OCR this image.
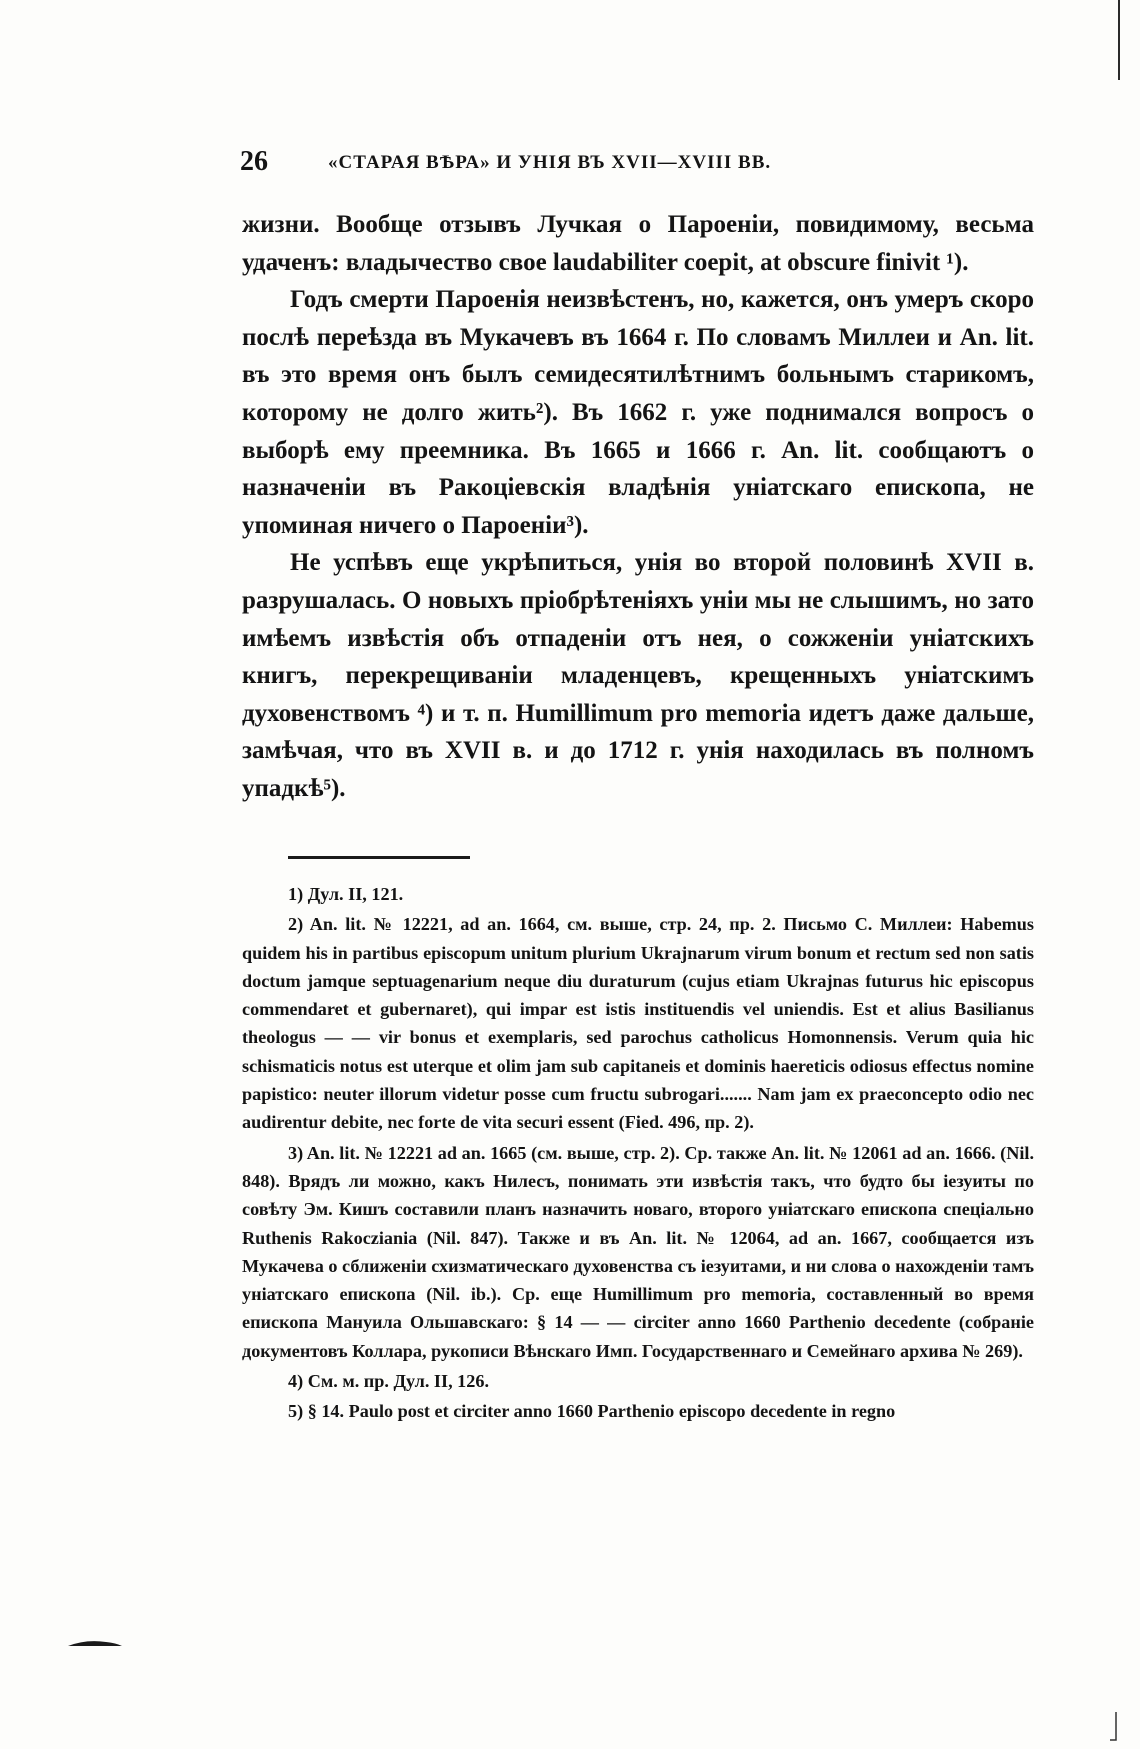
26	«СТАРАЯ ВѢРА» И УНІЯ ВЪ XVII—XVIII ВВ.

жизни. Вообще отзывъ Лучкая о Пароеніи, повидимому, весьма удаченъ: владычество свое laudabiliter coepit, at obscure finivit ¹).

Годъ смерти Пароенія неизвѣстенъ, но, кажется, онъ умеръ скоро послѣ переѣзда въ Мукачевъ въ 1664 г. По словамъ Миллеи и An. lit. въ это время онъ былъ семидесятилѣтнимъ больнымъ старикомъ, которому не долго жить²). Въ 1662 г. уже поднимался вопросъ о выборѣ ему преемника. Въ 1665 и 1666 г. An. lit. сообщаютъ о назначеніи въ Ракоціевскія владѣнія уніатскаго епископа, не упоминая ничего о Пароеніи³).

Не успѣвъ еще укрѣпиться, унія во второй половинѣ XVII в. разрушалась. О новыхъ пріобрѣтеніяхъ уніи мы не слышимъ, но зато имѣемъ извѣстія объ отпаденіи отъ нея, о сожженіи уніатскихъ книгъ, перекрещиваніи младенцевъ, крещенныхъ уніатскимъ духовенствомъ ⁴) и т. п. Humillimum pro memoria идетъ даже дальше, замѣчая, что въ XVII в. и до 1712 г. унія находилась въ полномъ упадкѣ⁵).

1) Дул. II, 121.

2) An. lit. № 12221, ad an. 1664, см. выше, стр. 24, пр. 2. Письмо С. Миллеи: Habemus quidem his in partibus episcopum unitum plurium Ukrajnarum virum bonum et rectum sed non satis doctum jamque septuagenarium neque diu duraturum (cujus etiam Ukrajnas futurus hic episcopus commendaret et gubernaret), qui impar est istis instituendis vel uniendis. Est et alius Basilianus theologus — — vir bonus et exemplaris, sed parochus catholicus Homonnensis. Verum quia hic schismaticis notus est uterque et olim jam sub capitaneis et dominis haereticis odiosus effectus nomine papistico: neuter illorum videtur posse cum fructu subrogari....... Nam jam ex praeconcepto odio nec audirentur debite, nec forte de vita securi essent (Fied. 496, пр. 2).

3) An. lit. № 12221 ad an. 1665 (см. выше, стр. 2). Ср. также An. lit. № 12061 ad an. 1666. (Nil. 848). Врядъ ли можно, какъ Нилесъ, понимать эти извѣстія такъ, что будто бы іезуиты по совѣту Эм. Кишъ составили планъ назначить новаго, второго уніатскаго епископа спеціально Ruthenis Rakocziania (Nil. 847). Также и въ An. lit. № 12064, ad an. 1667, сообщается изъ Мукачева о сближеніи схизматическаго духовенства съ іезуитами, и ни слова о нахожденіи тамъ уніатскаго епископа (Nil. ib.). Ср. еще Humillimum pro memoria, составленный во время епископа Мануила Ольшавскаго: § 14 — — circiter anno 1660 Parthenio decedente (собраніе документовъ Коллара, рукописи Вѣнскаго Имп. Государственнаго и Семейнаго архива № 269).

4) См. м. пр. Дул. II, 126.

5) § 14. Paulo post et circiter anno 1660 Parthenio episcopo decedente in regno
